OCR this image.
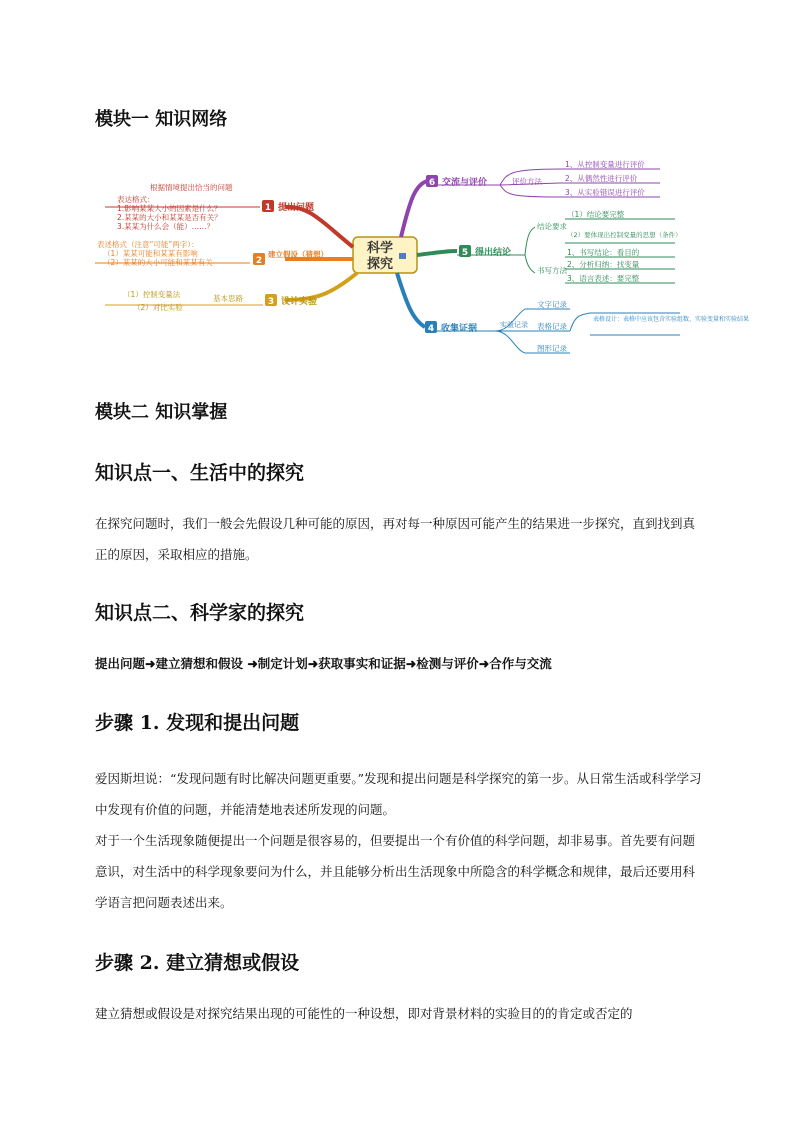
模块一 知识网络
科学
探究
1 提出问题
根据情境提出恰当的问题
表达格式：
1.影响某某大小的因素是什么？
2.某某的大小和某某是否有关？
3.某某为什么会（能）……？
2
建立假设（猜想）
表述格式（注意“可能”两字）：
（1）某某可能和某某有影响
（2）某某的大小可能和某某有关
3 设计实验
基本思路
（1）控制变量法
（2）对比实验
6 交流与评价	评价方法
1、从控制变量进行评价
2、从偶然性进行评价
3、从实验错误进行评价
5 得出结论
结论要求
（1）结论要完整
（2）要体现出控制变量的思想（条件）
书写方法
1、书写结论：看目的
2、分析归纳：找变量
3、语言表述：要完整
4 收集证据	实验记录
文字记录
表格记录
图形记录
表格设计：表格中应该包含实验组数、实验变量和实验结果
模块二 知识掌握
知识点一、生活中的探究

在探究问题时，我们一般会先假设几种可能的原因，再对每一种原因可能产生的结果进一步探究，直到找到真正的原因，采取相应的措施。

知识点二、科学家的探究
提出问题➜建立猜想和假设 ➜制定计划➜获取事实和证据➜检测与评价➜合作与交流
步骤 1. 发现和提出问题

爱因斯坦说：“发现问题有时比解决问题更重要。”发现和提出问题是科学探究的第一步。从日常生活或科学学习中发现有价值的问题，并能清楚地表述所发现的问题。

对于一个生活现象随便提出一个问题是很容易的，但要提出一个有价值的科学问题，却非易事。首先要有问题意识，对生活中的科学现象要问为什么，并且能够分析出生活现象中所隐含的科学概念和规律，最后还要用科学语言把问题表述出来。

步骤 2. 建立猜想或假设

建立猜想或假设是对探究结果出现的可能性的一种设想，即对背景材料的实验目的的肯定或否定的
